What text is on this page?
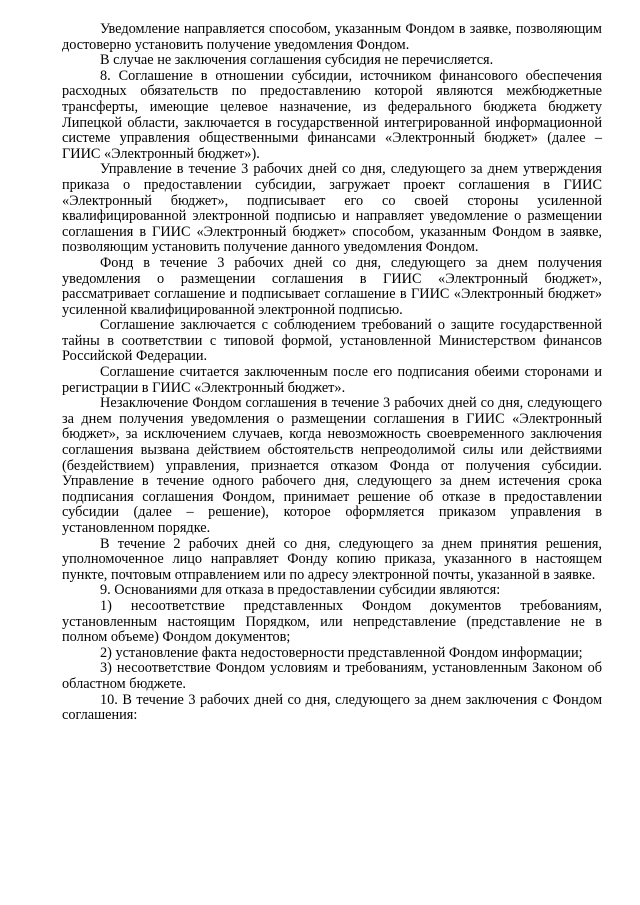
Уведомление направляется способом, указанным Фондом в заявке, позволяющим достоверно установить получение уведомления Фондом.

В случае не заключения соглашения субсидия не перечисляется.

8. Соглашение в отношении субсидии, источником финансового обеспечения расходных обязательств по предоставлению которой являются межбюджетные трансферты, имеющие целевое назначение, из федерального бюджета бюджету Липецкой области, заключается в государственной интегрированной информационной системе управления общественными финансами «Электронный бюджет» (далее – ГИИС «Электронный бюджет»).

Управление в течение 3 рабочих дней со дня, следующего за днем утверждения приказа о предоставлении субсидии, загружает проект соглашения в ГИИС «Электронный бюджет», подписывает его со своей стороны усиленной квалифицированной электронной подписью и направляет уведомление о размещении соглашения в ГИИС «Электронный бюджет» способом, указанным Фондом в заявке, позволяющим установить получение данного уведомления Фондом.

Фонд в течение 3 рабочих дней со дня, следующего за днем получения уведомления о размещении соглашения в ГИИС «Электронный бюджет», рассматривает соглашение и подписывает соглашение в ГИИС «Электронный бюджет» усиленной квалифицированной электронной подписью.

Соглашение заключается с соблюдением требований о защите государственной тайны в соответствии с типовой формой, установленной Министерством финансов Российской Федерации.

Соглашение считается заключенным после его подписания обеими сторонами и регистрации в ГИИС «Электронный бюджет».

Незаключение Фондом соглашения в течение 3 рабочих дней со дня, следующего за днем получения уведомления о размещении соглашения в ГИИС «Электронный бюджет», за исключением случаев, когда невозможность своевременного заключения соглашения вызвана действием обстоятельств непреодолимой силы или действиями (бездействием) управления, признается отказом Фонда от получения субсидии. Управление в течение одного рабочего дня, следующего за днем истечения срока подписания соглашения Фондом, принимает решение об отказе в предоставлении субсидии (далее – решение), которое оформляется приказом управления в установленном порядке.

В течение 2 рабочих дней со дня, следующего за днем принятия решения, уполномоченное лицо направляет Фонду копию приказа, указанного в настоящем пункте, почтовым отправлением или по адресу электронной почты, указанной в заявке.

9. Основаниями для отказа в предоставлении субсидии являются:

1) несоответствие представленных Фондом документов требованиям, установленным настоящим Порядком, или непредставление (представление не в полном объеме) Фондом документов;

2) установление факта недостоверности представленной Фондом информации;

3) несоответствие Фондом условиям и требованиям, установленным Законом об областном бюджете.

10. В течение 3 рабочих дней со дня, следующего за днем заключения с Фондом соглашения:
